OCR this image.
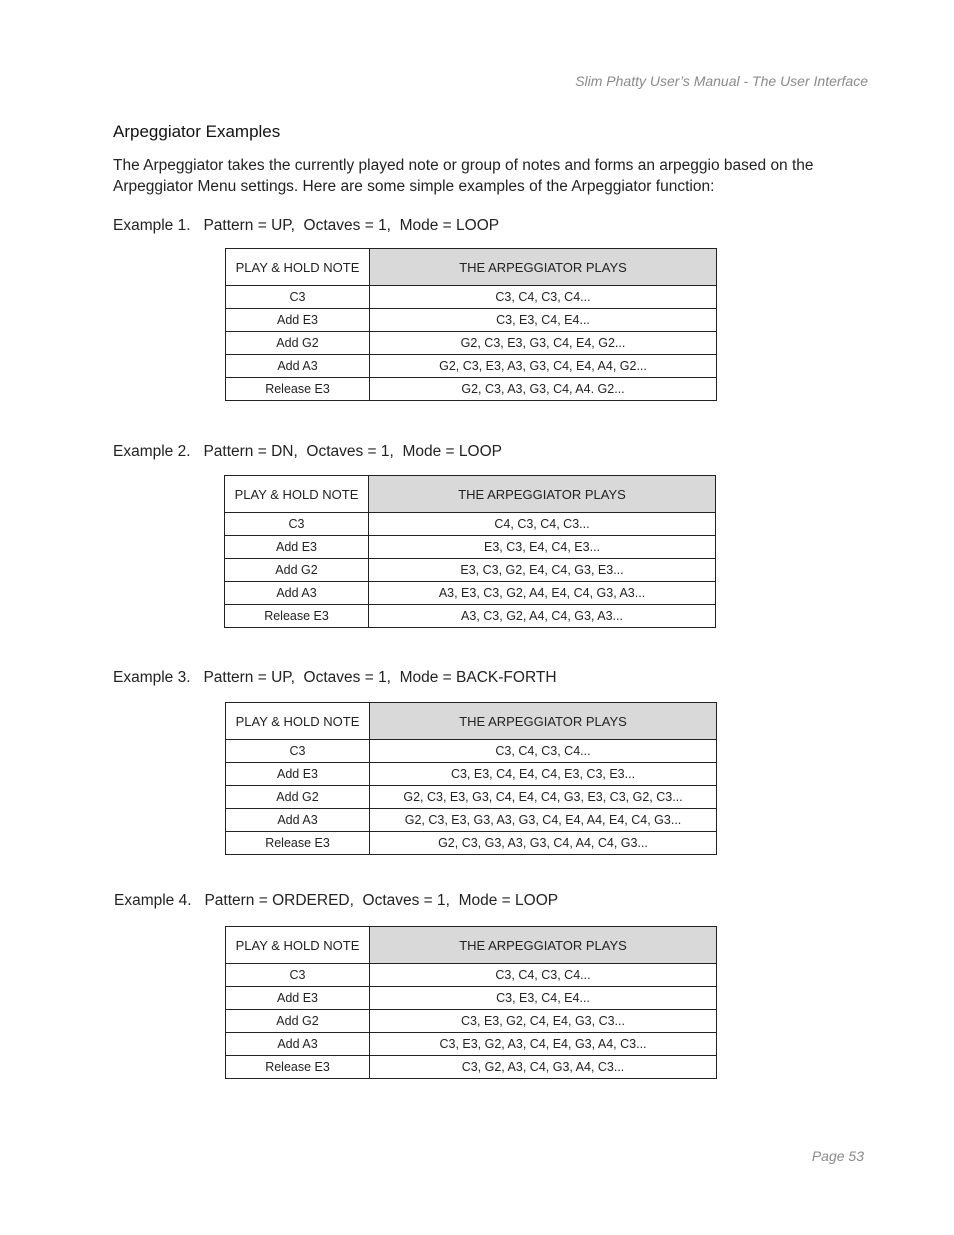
Slim Phatty User’s Manual - The User Interface
Arpeggiator Examples

The Arpeggiator takes the currently played note or group of notes and forms an arpeggio based on the

Arpeggiator Menu settings. Here are some simple examples of the Arpeggiator function:

Example 1.   Pattern = UP,  Octaves = 1,  Mode = LOOP
PLAY & HOLD NOTE	THE ARPEGGIATOR PLAYS
C3	C3, C4, C3, C4...
Add E3	C3, E3, C4, E4...
Add G2	G2, C3, E3, G3, C4, E4, G2...
Add A3	G2, C3, E3, A3, G3, C4, E4, A4, G2...
Release E3	G2, C3, A3, G3, C4, A4. G2...
Example 2.   Pattern = DN,  Octaves = 1,  Mode = LOOP
PLAY & HOLD NOTE	THE ARPEGGIATOR PLAYS
C3	C4, C3, C4, C3...
Add E3	E3, C3, E4, C4, E3...
Add G2	E3, C3, G2, E4, C4, G3, E3...
Add A3	A3, E3, C3, G2, A4, E4, C4, G3, A3...
Release E3	A3, C3, G2, A4, C4, G3, A3...
Example 3.   Pattern = UP,  Octaves = 1,  Mode = BACK-FORTH
PLAY & HOLD NOTE	THE ARPEGGIATOR PLAYS
C3	C3, C4, C3, C4...
Add E3	C3, E3, C4, E4, C4, E3, C3, E3...
Add G2	G2, C3, E3, G3, C4, E4, C4, G3, E3, C3, G2, C3...
Add A3	G2, C3, E3, G3, A3, G3, C4, E4, A4, E4, C4, G3...
Release E3	G2, C3, G3, A3, G3, C4, A4, C4, G3...
Example 4.   Pattern = ORDERED,  Octaves = 1,  Mode = LOOP
PLAY & HOLD NOTE	THE ARPEGGIATOR PLAYS
C3	C3, C4, C3, C4...
Add E3	C3, E3, C4, E4...
Add G2	C3, E3, G2, C4, E4, G3, C3...
Add A3	C3, E3, G2, A3, C4, E4, G3, A4, C3...
Release E3	C3, G2, A3, C4, G3, A4, C3...
Page 53
